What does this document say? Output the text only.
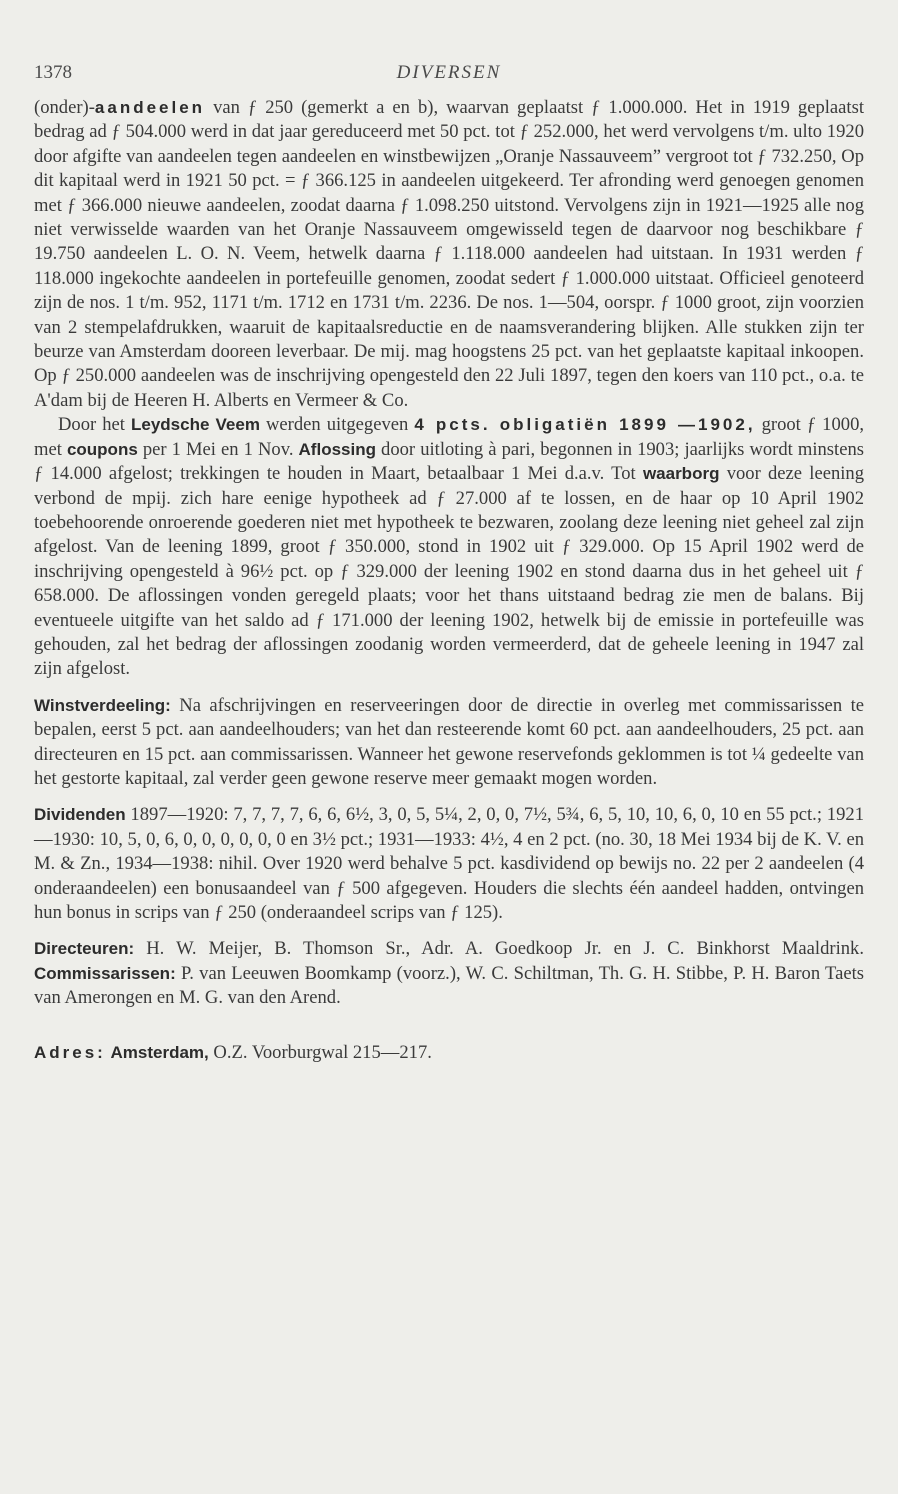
1378	DIVERSEN

(onder)-aandeelen van ƒ 250 (gemerkt a en b), waarvan geplaatst ƒ 1.000.000. Het in 1919 geplaatst bedrag ad ƒ 504.000 werd in dat jaar gereduceerd met 50 pct. tot ƒ 252.000, het werd vervolgens t/m. ulto 1920 door afgifte van aandeelen tegen aandeelen en winstbewijzen „Oranje Nassauveem” vergroot tot ƒ 732.250, Op dit kapitaal werd in 1921 50 pct. = ƒ 366.125 in aandeelen uitgekeerd. Ter afronding werd genoegen genomen met ƒ 366.000 nieuwe aandeelen, zoodat daarna ƒ 1.098.250 uitstond. Vervolgens zijn in 1921—1925 alle nog niet verwisselde waarden van het Oranje Nassauveem omgewisseld tegen de daarvoor nog beschikbare ƒ 19.750 aandeelen L. O. N. Veem, hetwelk daarna ƒ 1.118.000 aandeelen had uitstaan. In 1931 werden ƒ 118.000 ingekochte aandeelen in portefeuille genomen, zoodat sedert ƒ 1.000.000 uitstaat. Officieel genoteerd zijn de nos. 1 t/m. 952, 1171 t/m. 1712 en 1731 t/m. 2236. De nos. 1—504, oorspr. ƒ 1000 groot, zijn voorzien van 2 stempelafdrukken, waaruit de kapitaalsreductie en de naamsverandering blijken. Alle stukken zijn ter beurze van Amsterdam dooreen leverbaar. De mij. mag hoogstens 25 pct. van het geplaatste kapitaal inkoopen. Op ƒ 250.000 aandeelen was de inschrijving opengesteld den 22 Juli 1897, tegen den koers van 110 pct., o.a. te A'dam bij de Heeren H. Alberts en Vermeer & Co.

Door het Leydsche Veem werden uitgegeven 4 pcts. obligatiën 1899 —1902, groot ƒ 1000, met coupons per 1 Mei en 1 Nov. Aflossing door uitloting à pari, begonnen in 1903; jaarlijks wordt minstens ƒ 14.000 afgelost; trekkingen te houden in Maart, betaalbaar 1 Mei d.a.v. Tot waarborg voor deze leening verbond de mpij. zich hare eenige hypotheek ad ƒ 27.000 af te lossen, en de haar op 10 April 1902 toebehoorende onroerende goederen niet met hypotheek te bezwaren, zoolang deze leening niet geheel zal zijn afgelost. Van de leening 1899, groot ƒ 350.000, stond in 1902 uit ƒ 329.000. Op 15 April 1902 werd de inschrijving opengesteld à 96½ pct. op ƒ 329.000 der leening 1902 en stond daarna dus in het geheel uit ƒ 658.000. De aflossingen vonden geregeld plaats; voor het thans uitstaand bedrag zie men de balans. Bij eventueele uitgifte van het saldo ad ƒ 171.000 der leening 1902, hetwelk bij de emissie in portefeuille was gehouden, zal het bedrag der aflossingen zoodanig worden vermeerderd, dat de geheele leening in 1947 zal zijn afgelost.

Winstverdeeling: Na afschrijvingen en reserveeringen door de directie in overleg met commissarissen te bepalen, eerst 5 pct. aan aandeelhouders; van het dan resteerende komt 60 pct. aan aandeelhouders, 25 pct. aan directeuren en 15 pct. aan commissarissen. Wanneer het gewone reservefonds geklommen is tot ¼ gedeelte van het gestorte kapitaal, zal verder geen gewone reserve meer gemaakt mogen worden.

Dividenden 1897—1920: 7, 7, 7, 7, 6, 6, 6½, 3, 0, 5, 5¼, 2, 0, 0, 7½, 5¾, 6, 5, 10, 10, 6, 0, 10 en 55 pct.; 1921—1930: 10, 5, 0, 6, 0, 0, 0, 0, 0, 0 en 3½ pct.; 1931—1933: 4½, 4 en 2 pct. (no. 30, 18 Mei 1934 bij de K. V. en M. & Zn., 1934—1938: nihil. Over 1920 werd behalve 5 pct. kasdividend op bewijs no. 22 per 2 aandeelen (4 onderaandeelen) een bonusaandeel van ƒ 500 afgegeven. Houders die slechts één aandeel hadden, ontvingen hun bonus in scrips van ƒ 250 (onderaandeel scrips van ƒ 125).

Directeuren: H. W. Meijer, B. Thomson Sr., Adr. A. Goedkoop Jr. en J. C. Binkhorst Maaldrink. Commissarissen: P. van Leeuwen Boomkamp (voorz.), W. C. Schiltman, Th. G. H. Stibbe, P. H. Baron Taets van Amerongen en M. G. van den Arend.

Adres: Amsterdam, O.Z. Voorburgwal 215—217.
